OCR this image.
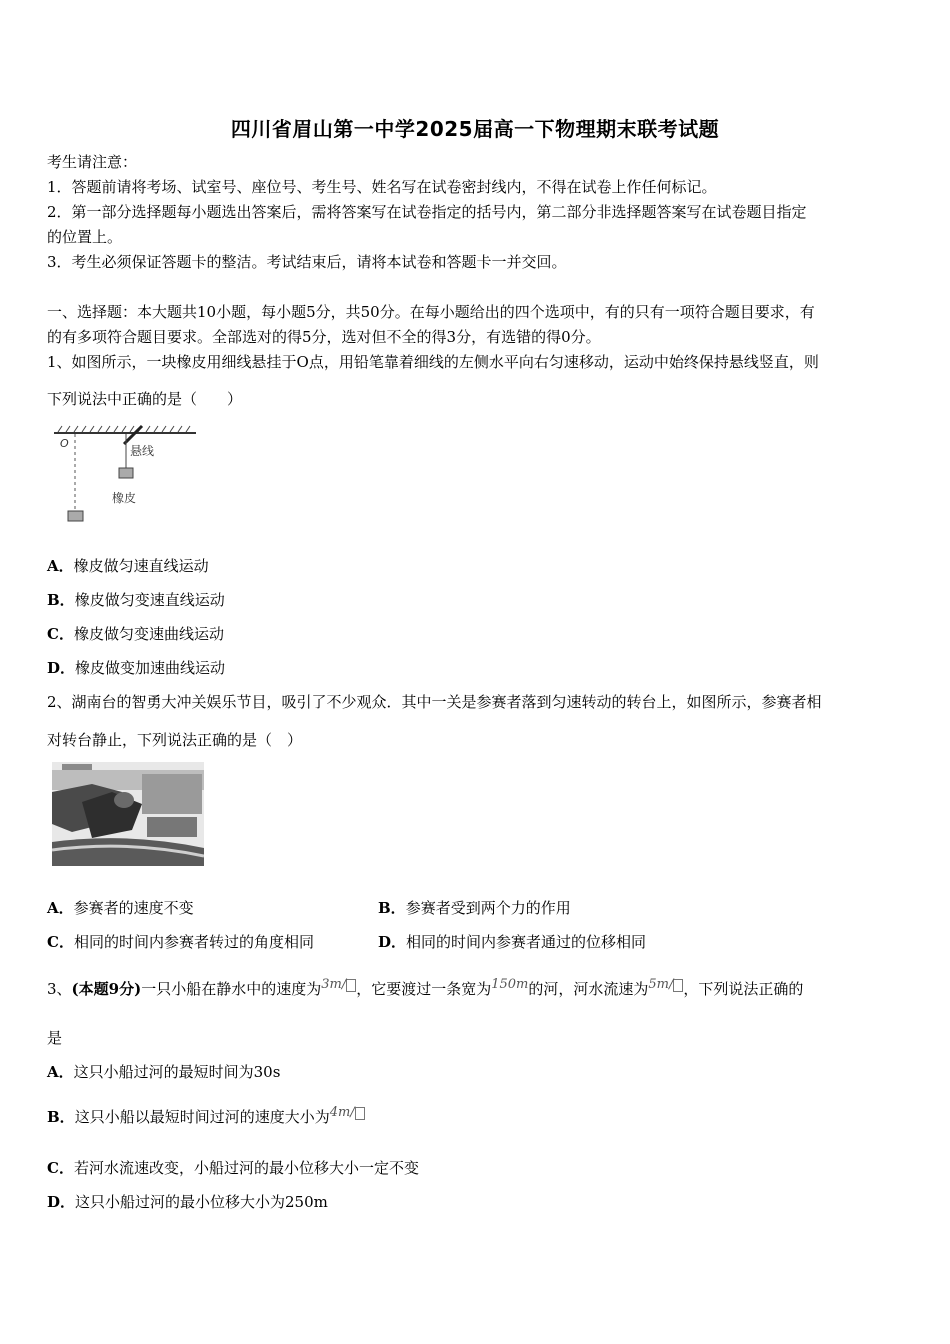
四川省眉山第一中学2025届高一下物理期末联考试题
考生请注意：
1．答题前请将考场、试室号、座位号、考生号、姓名写在试卷密封线内，不得在试卷上作任何标记。
2．第一部分选择题每小题选出答案后，需将答案写在试卷指定的括号内，第二部分非选择题答案写在试卷题目指定
的位置上。
3．考生必须保证答题卡的整洁。考试结束后，请将本试卷和答题卡一并交回。
一、选择题：本大题共10小题，每小题5分，共50分。在每小题给出的四个选项中，有的只有一项符合题目要求，有
的有多项符合题目要求。全部选对的得5分，选对但不全的得3分，有选错的得0分。
1、如图所示，一块橡皮用细线悬挂于O点，用铅笔靠着细线的左侧水平向右匀速移动，运动中始终保持悬线竖直，则
下列说法中正确的是（　　）
O
悬线
橡皮
A．橡皮做匀速直线运动
B．橡皮做匀变速直线运动
C．橡皮做匀变速曲线运动
D．橡皮做变加速曲线运动
2、湖南台的智勇大冲关娱乐节目，吸引了不少观众．其中一关是参赛者落到匀速转动的转台上，如图所示，参赛者相
对转台静止，下列说法正确的是（　）
A．参赛者的速度不变	B．参赛者受到两个力的作用
C．相同的时间内参赛者转过的角度相同	D．相同的时间内参赛者通过的位移相同
3、(本题9分)一只小船在静水中的速度为3m/ ，它要渡过一条宽为150m的河，河水流速为5m/ ，下列说法正确的
是
A．这只小船过河的最短时间为30s
B．这只小船以最短时间过河的速度大小为4m/
C．若河水流速改变，小船过河的最小位移大小一定不变
D．这只小船过河的最小位移大小为250m
